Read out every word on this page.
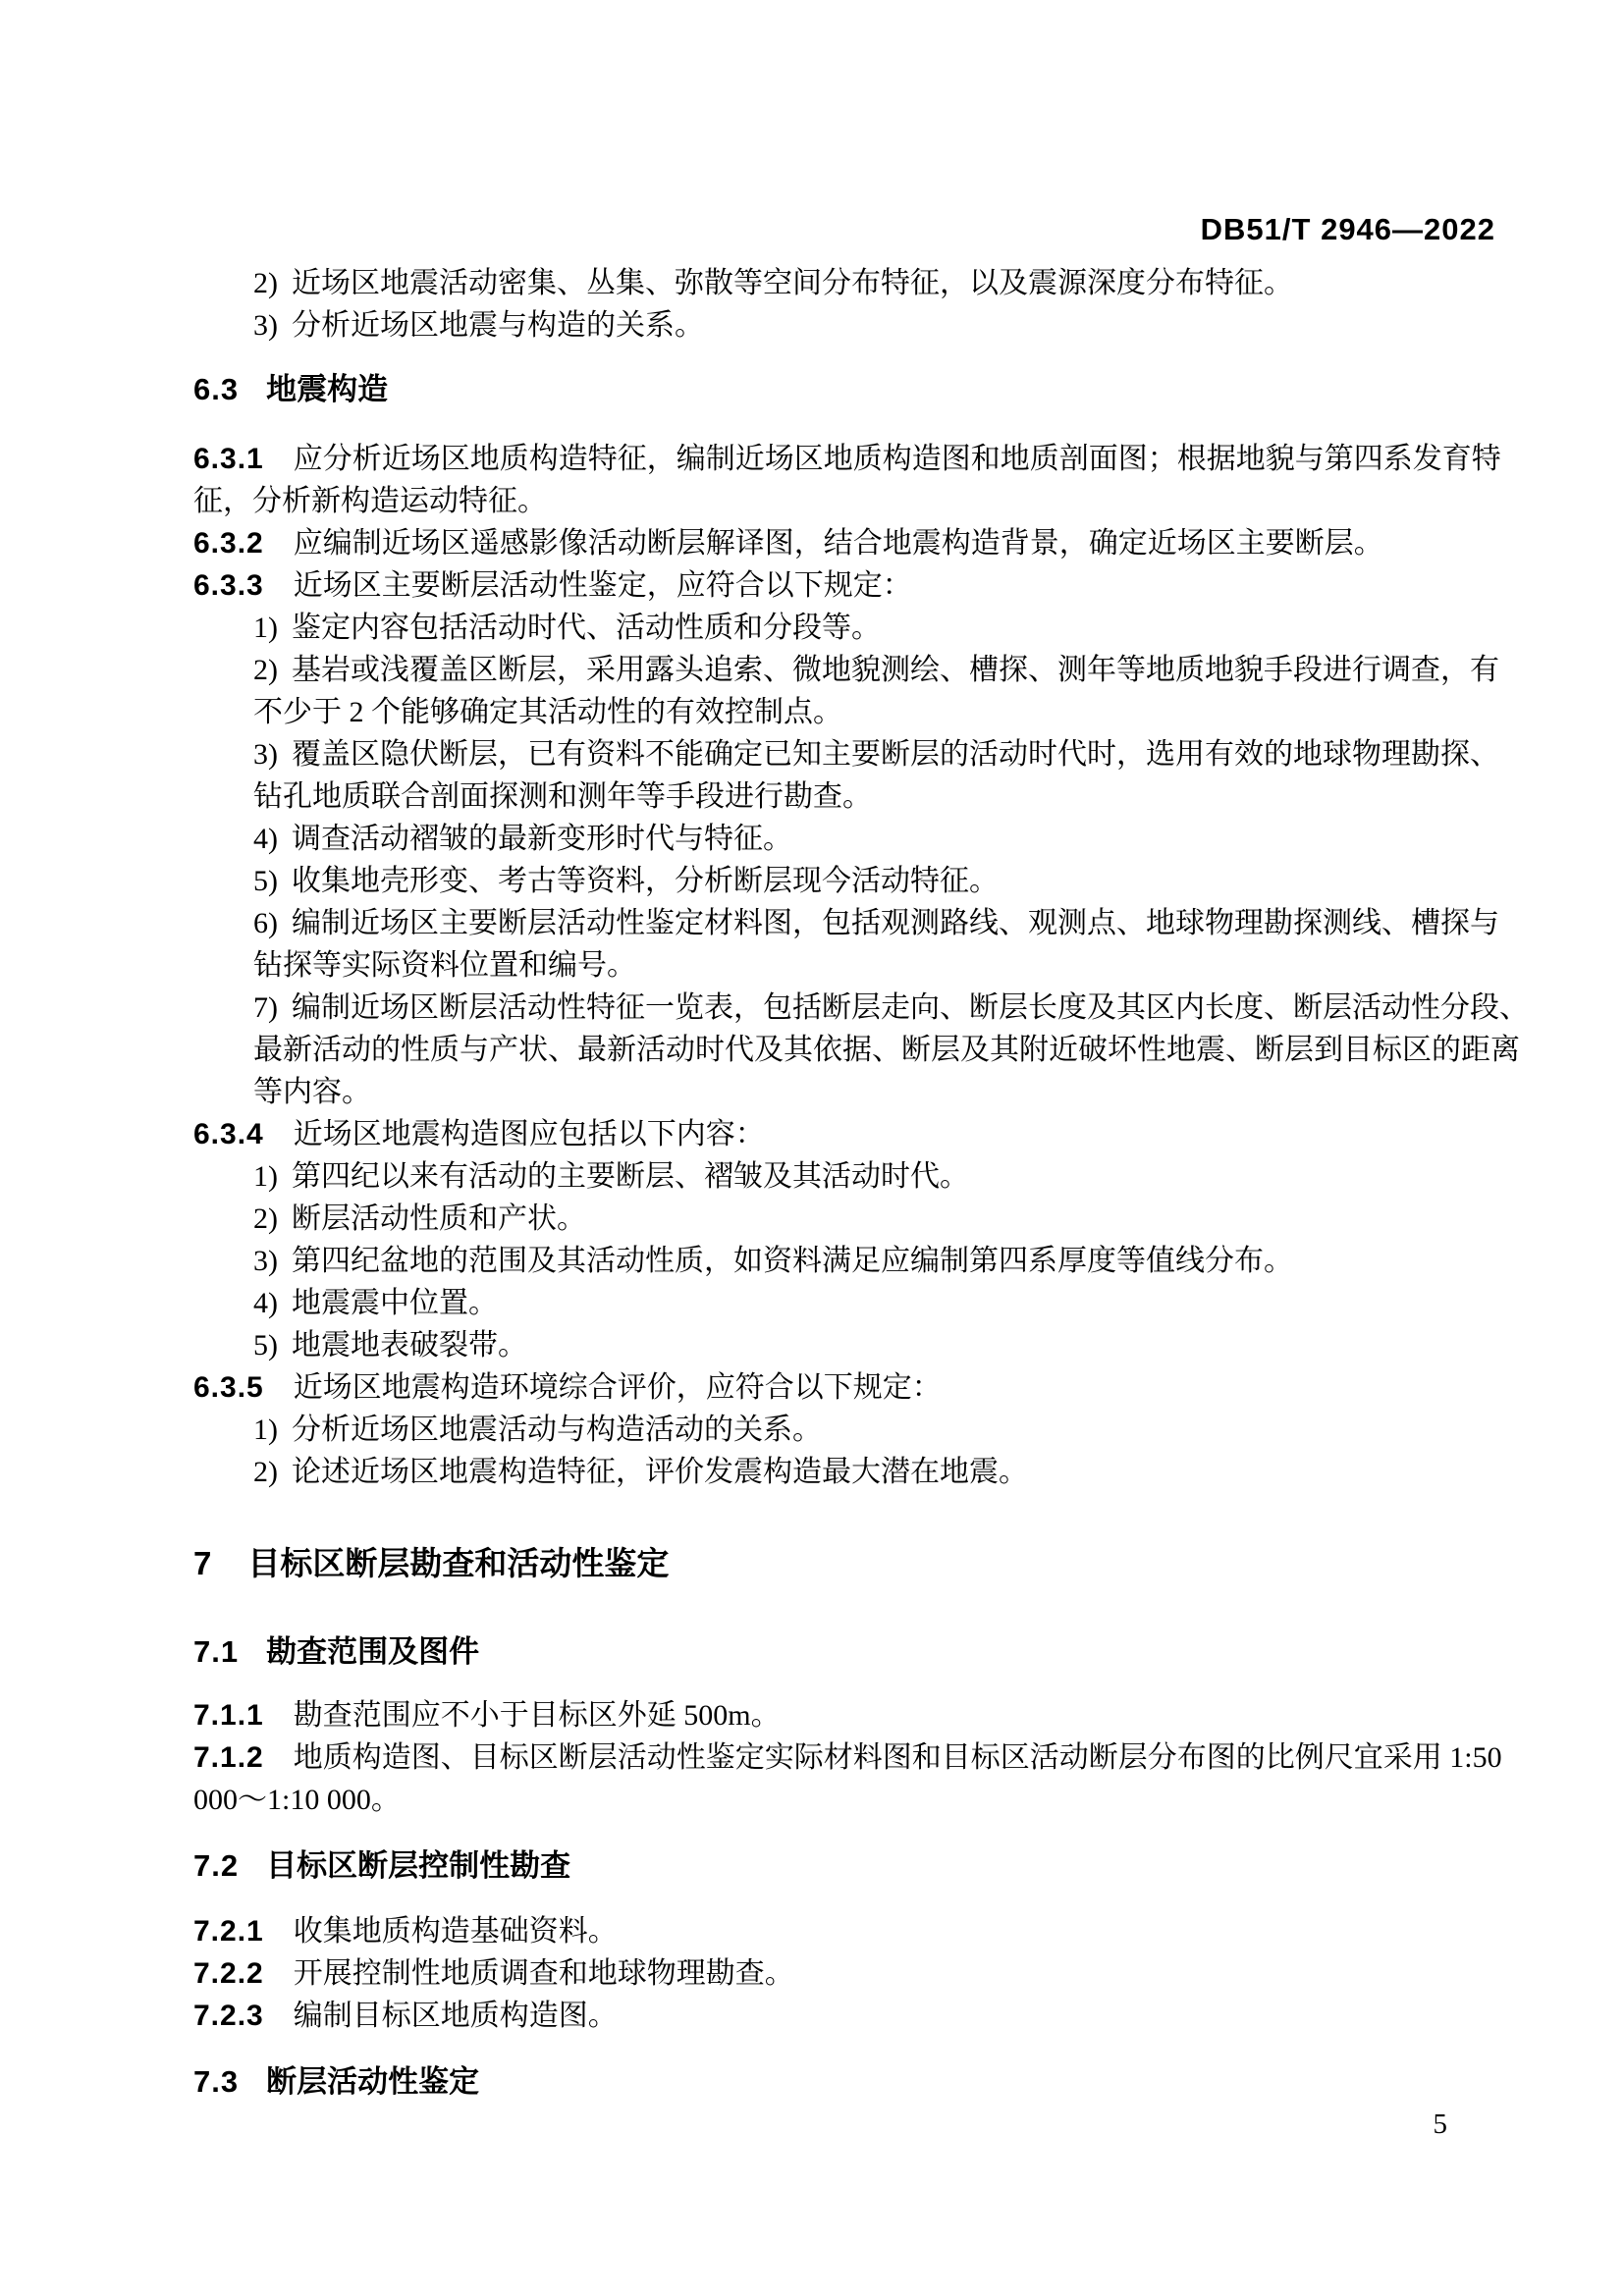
DB51/T 2946—2022
2) 近场区地震活动密集、丛集、弥散等空间分布特征，以及震源深度分布特征。
3) 分析近场区地震与构造的关系。
6.3 地震构造
6.3.1 应分析近场区地质构造特征，编制近场区地质构造图和地质剖面图；根据地貌与第四系发育特
征，分析新构造运动特征。
6.3.2 应编制近场区遥感影像活动断层解译图，结合地震构造背景，确定近场区主要断层。
6.3.3 近场区主要断层活动性鉴定，应符合以下规定：
1) 鉴定内容包括活动时代、活动性质和分段等。
2) 基岩或浅覆盖区断层，采用露头追索、微地貌测绘、槽探、测年等地质地貌手段进行调查，有
不少于 2 个能够确定其活动性的有效控制点。
3) 覆盖区隐伏断层，已有资料不能确定已知主要断层的活动时代时，选用有效的地球物理勘探、
钻孔地质联合剖面探测和测年等手段进行勘查。
4) 调查活动褶皱的最新变形时代与特征。
5) 收集地壳形变、考古等资料，分析断层现今活动特征。
6) 编制近场区主要断层活动性鉴定材料图，包括观测路线、观测点、地球物理勘探测线、槽探与
钻探等实际资料位置和编号。
7) 编制近场区断层活动性特征一览表，包括断层走向、断层长度及其区内长度、断层活动性分段、
最新活动的性质与产状、最新活动时代及其依据、断层及其附近破坏性地震、断层到目标区的距离
等内容。
6.3.4 近场区地震构造图应包括以下内容：
1) 第四纪以来有活动的主要断层、褶皱及其活动时代。
2) 断层活动性质和产状。
3) 第四纪盆地的范围及其活动性质，如资料满足应编制第四系厚度等值线分布。
4) 地震震中位置。
5) 地震地表破裂带。
6.3.5 近场区地震构造环境综合评价，应符合以下规定：
1) 分析近场区地震活动与构造活动的关系。
2) 论述近场区地震构造特征，评价发震构造最大潜在地震。
7 目标区断层勘查和活动性鉴定
7.1 勘查范围及图件
7.1.1 勘查范围应不小于目标区外延 500m。
7.1.2 地质构造图、目标区断层活动性鉴定实际材料图和目标区活动断层分布图的比例尺宜采用 1:50
000～1:10 000。
7.2 目标区断层控制性勘查
7.2.1 收集地质构造基础资料。
7.2.2 开展控制性地质调查和地球物理勘查。
7.2.3 编制目标区地质构造图。
7.3 断层活动性鉴定
5
